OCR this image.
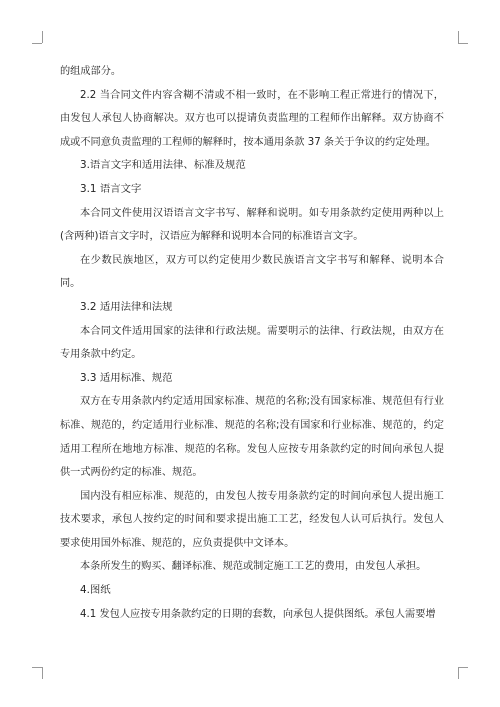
的组成部分。

2.2 当合同文件内容含糊不清或不相一致时，在不影响工程正常进行的情况下，由发包人承包人协商解决。双方也可以提请负责监理的工程师作出解释。双方协商不成或不同意负责监理的工程师的解释时，按本通用条款 37 条关于争议的约定处理。

3.语言文字和适用法律、标准及规范

3.1 语言文字

本合同文件使用汉语语言文字书写、解释和说明。如专用条款约定使用两种以上(含两种)语言文字时，汉语应为解释和说明本合同的标准语言文字。

在少数民族地区，双方可以约定使用少数民族语言文字书写和解释、说明本合同。

3.2 适用法律和法规

本合同文件适用国家的法律和行政法规。需要明示的法律、行政法规，由双方在专用条款中约定。

3.3 适用标准、规范

双方在专用条款内约定适用国家标准、规范的名称;没有国家标准、规范但有行业标准、规范的，约定适用行业标准、规范的名称;没有国家和行业标准、规范的，约定适用工程所在地地方标准、规范的名称。发包人应按专用条款约定的时间向承包人提供一式两份约定的标准、规范。

国内没有相应标准、规范的，由发包人按专用条款约定的时间向承包人提出施工技术要求，承包人按约定的时间和要求提出施工工艺，经发包人认可后执行。发包人要求使用国外标准、规范的，应负责提供中文译本。

本条所发生的购买、翻译标准、规范或制定施工工艺的费用，由发包人承担。

4.图纸

4.1 发包人应按专用条款约定的日期的套数，向承包人提供图纸。承包人需要增
